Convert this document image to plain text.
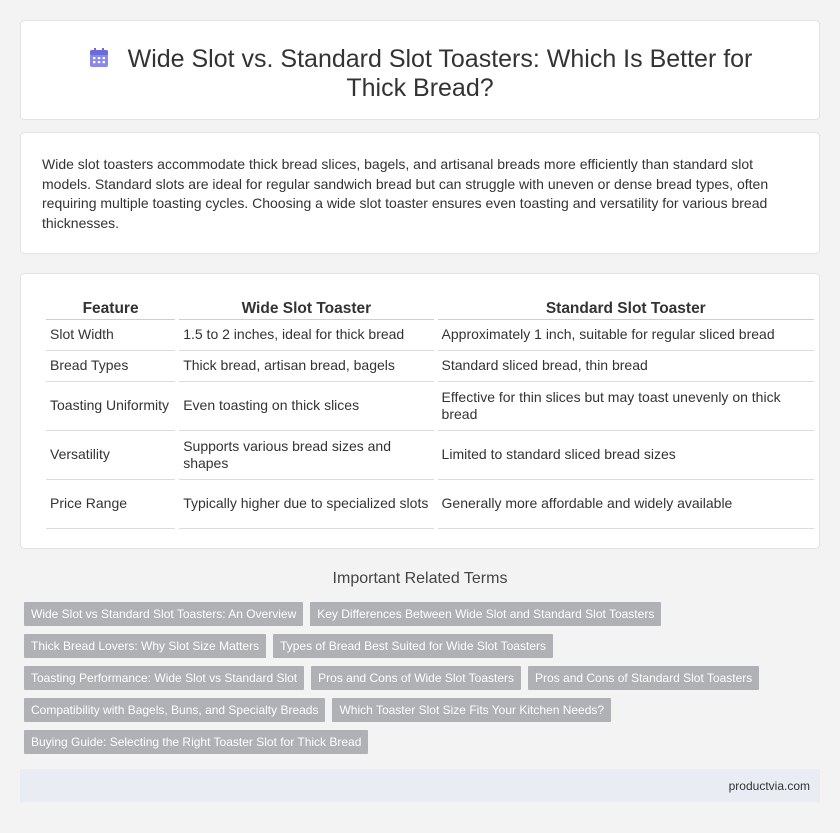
Wide Slot vs. Standard Slot Toasters: Which Is Better for Thick Bread?

Wide slot toasters accommodate thick bread slices, bagels, and artisanal breads more efficiently than standard slot models. Standard slots are ideal for regular sandwich bread but can struggle with uneven or dense bread types, often requiring multiple toasting cycles. Choosing a wide slot toaster ensures even toasting and versatility for various bread thicknesses.

Feature	Wide Slot Toaster	Standard Slot Toaster
Slot Width	1.5 to 2 inches, ideal for thick bread	Approximately 1 inch, suitable for regular sliced bread
Bread Types	Thick bread, artisan bread, bagels	Standard sliced bread, thin bread
Toasting Uniformity	Even toasting on thick slices	Effective for thin slices but may toast unevenly on thick bread
Versatility	Supports various bread sizes and shapes	Limited to standard sliced bread sizes
Price Range	Typically higher due to specialized slots	Generally more affordable and widely available
Important Related Terms
Wide Slot vs Standard Slot Toasters: An Overview Key Differences Between Wide Slot and Standard Slot Toasters
Thick Bread Lovers: Why Slot Size Matters Types of Bread Best Suited for Wide Slot Toasters
Toasting Performance: Wide Slot vs Standard Slot Pros and Cons of Wide Slot Toasters Pros and Cons of Standard Slot Toasters
Compatibility with Bagels, Buns, and Specialty Breads Which Toaster Slot Size Fits Your Kitchen Needs?
Buying Guide: Selecting the Right Toaster Slot for Thick Bread
productvia.com
